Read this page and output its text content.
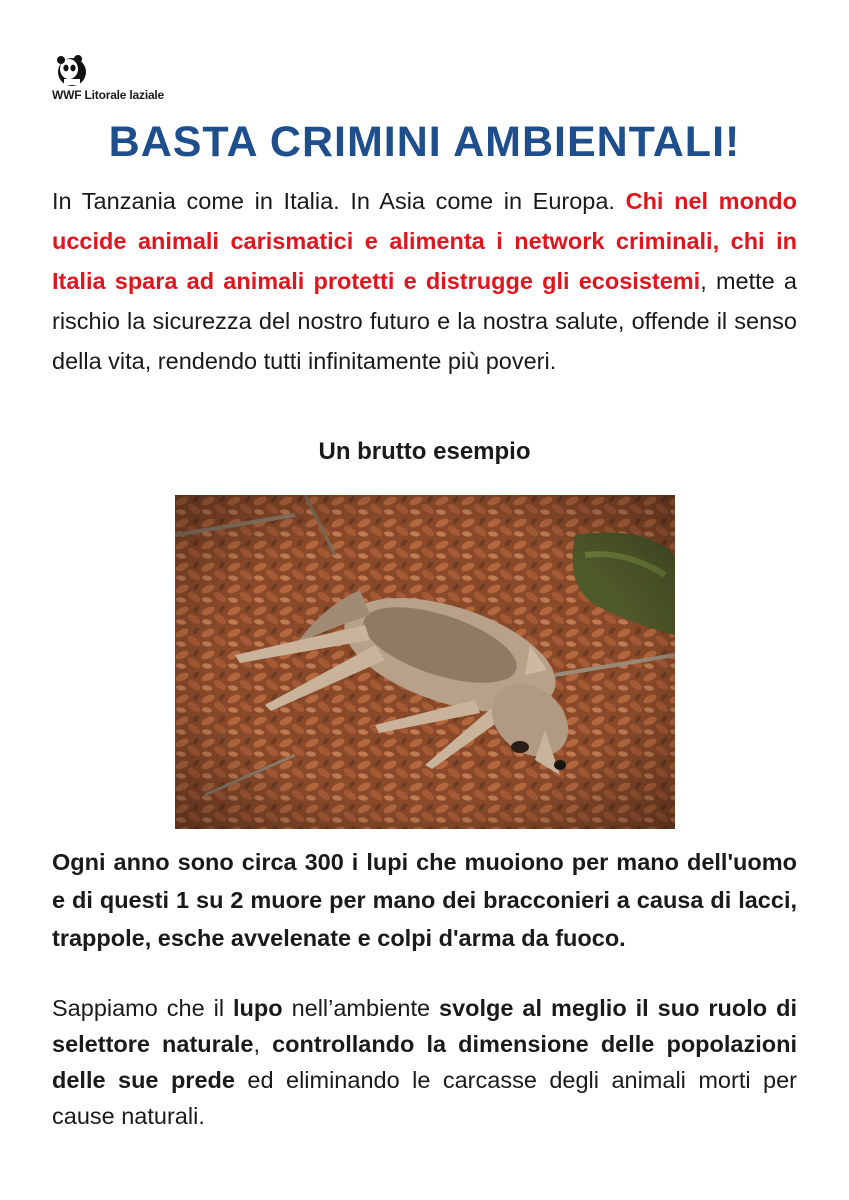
WWF Litorale laziale
BASTA CRIMINI AMBIENTALI!

In Tanzania come in Italia. In Asia come in Europa. Chi nel mondo uccide animali carismatici e alimenta i network criminali, chi in Italia spara ad animali protetti e distrugge gli ecosistemi, mette a rischio la sicurezza del nostro futuro e la nostra salute, offende il senso della vita, rendendo tutti infinitamente più poveri.

Un brutto esempio

Ogni anno sono circa 300 i lupi che muoiono per mano dell'uomo e di questi 1 su 2 muore per mano dei bracconieri a causa di lacci, trappole, esche avvelenate e colpi d'arma da fuoco.

Sappiamo che il lupo nell’ambiente svolge al meglio il suo ruolo di selettore naturale, controllando la dimensione delle popolazioni delle sue prede ed eliminando le carcasse degli animali morti per cause naturali.
